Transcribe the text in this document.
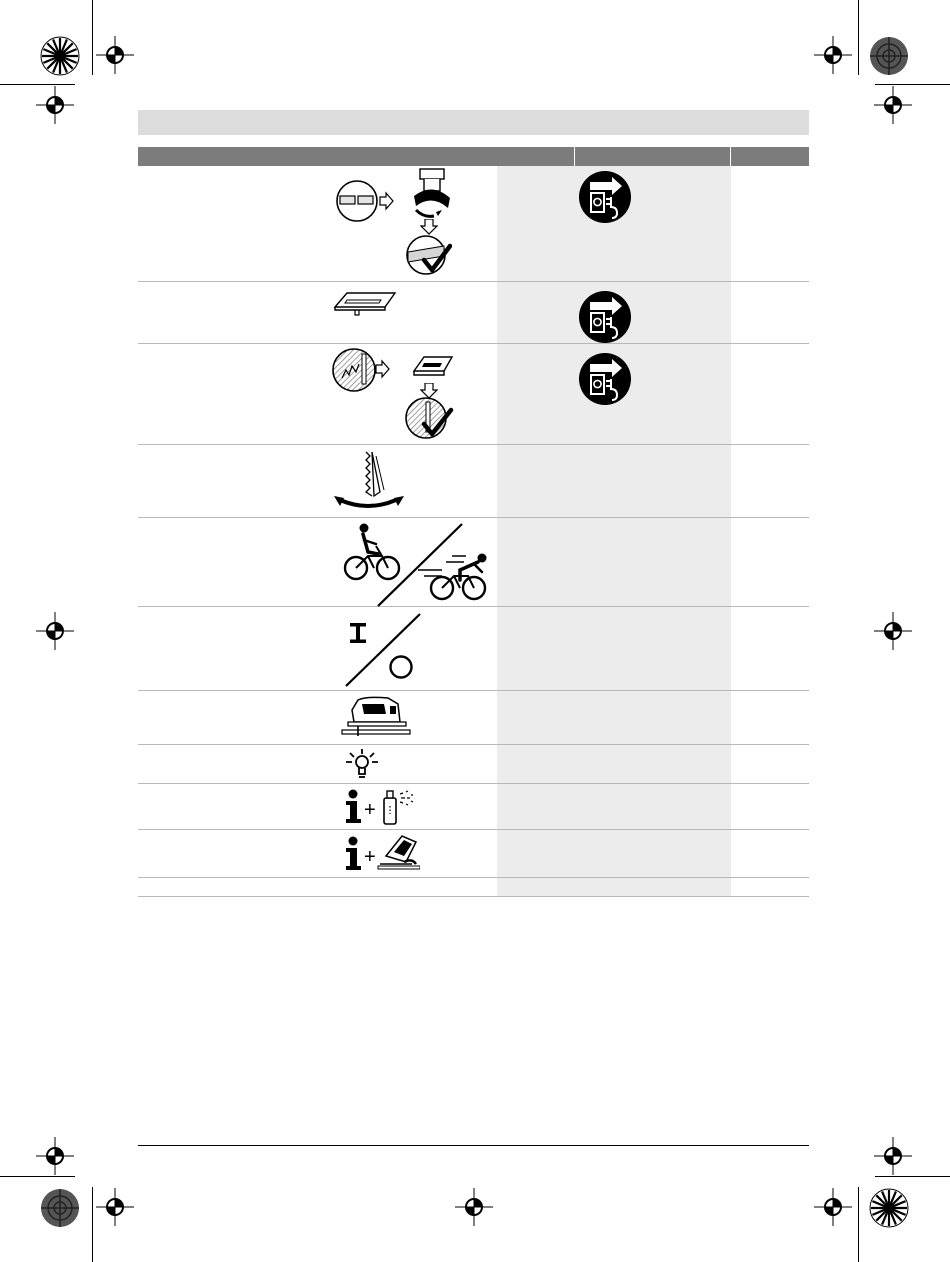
+
+
